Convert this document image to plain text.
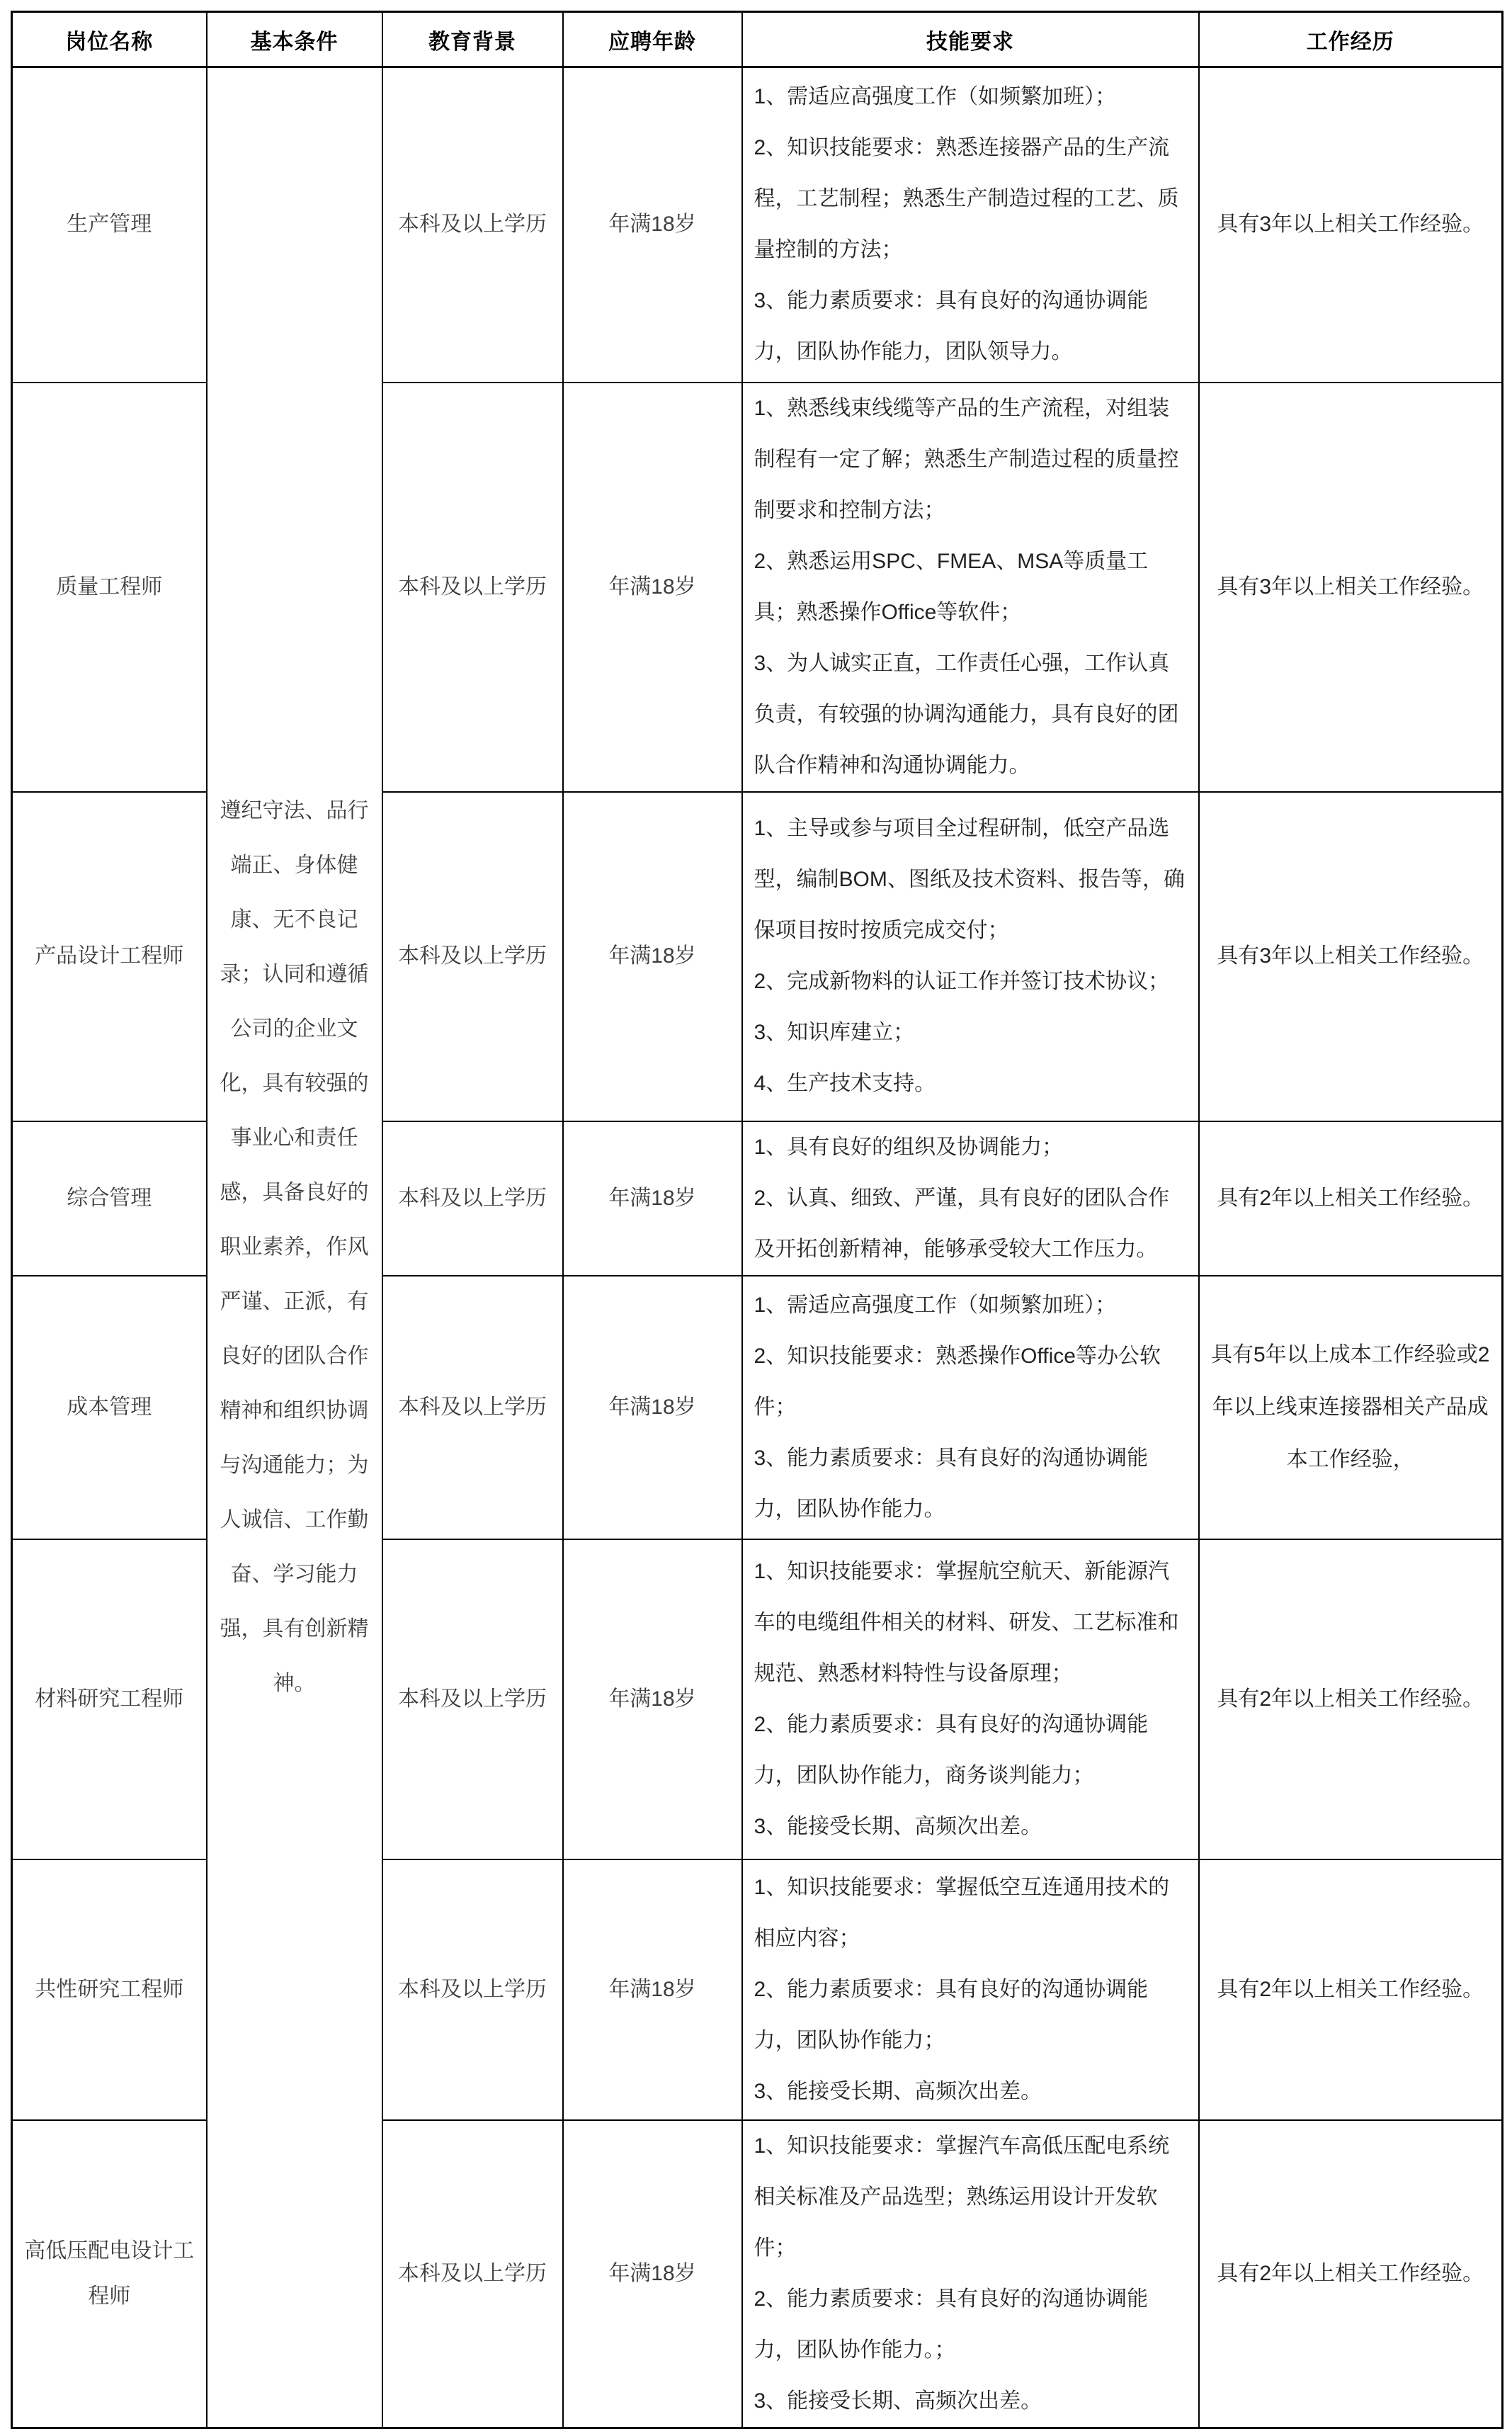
岗位名称	基本条件	教育背景	应聘年龄	技能要求	工作经历
生产管理	遵纪守法、品行端正、身体健康、无不良记录；认同和遵循公司的企业文化，具有较强的事业心和责任感，具备良好的职业素养，作风严谨、正派，有良好的团队合作精神和组织协调与沟通能力；为人诚信、工作勤奋、学习能力强，具有创新精神。	本科及以上学历	年满18岁	1、需适应高强度工作（如频繁加班）；
2、知识技能要求：熟悉连接器产品的生产流程，工艺制程；熟悉生产制造过程的工艺、质量控制的方法；
3、能力素质要求：具有良好的沟通协调能力，团队协作能力，团队领导力。	具有3年以上相关工作经验。
质量工程师		本科及以上学历	年满18岁	1、熟悉线束线缆等产品的生产流程，对组装制程有一定了解；熟悉生产制造过程的质量控制要求和控制方法；
2、熟悉运用SPC、FMEA、MSA等质量工具；熟悉操作Office等软件；
3、为人诚实正直，工作责任心强，工作认真负责，有较强的协调沟通能力，具有良好的团队合作精神和沟通协调能力。	具有3年以上相关工作经验。
产品设计工程师		本科及以上学历	年满18岁	1、主导或参与项目全过程研制，低空产品选型，编制BOM、图纸及技术资料、报告等，确保项目按时按质完成交付；
2、完成新物料的认证工作并签订技术协议；
3、知识库建立；
4、生产技术支持。	具有3年以上相关工作经验。
综合管理		本科及以上学历	年满18岁	1、具有良好的组织及协调能力；
2、认真、细致、严谨，具有良好的团队合作及开拓创新精神，能够承受较大工作压力。	具有2年以上相关工作经验。
成本管理		本科及以上学历	年满18岁	1、需适应高强度工作（如频繁加班）；
2、知识技能要求：熟悉操作Office等办公软件；
3、能力素质要求：具有良好的沟通协调能力，团队协作能力。	具有5年以上成本工作经验或2年以上线束连接器相关产品成本工作经验，
材料研究工程师		本科及以上学历	年满18岁	1、知识技能要求：掌握航空航天、新能源汽车的电缆组件相关的材料、研发、工艺标准和规范、熟悉材料特性与设备原理；
2、能力素质要求：具有良好的沟通协调能力，团队协作能力，商务谈判能力；
3、能接受长期、高频次出差。	具有2年以上相关工作经验。
共性研究工程师		本科及以上学历	年满18岁	1、知识技能要求：掌握低空互连通用技术的相应内容；
2、能力素质要求：具有良好的沟通协调能力，团队协作能力；
3、能接受长期、高频次出差。	具有2年以上相关工作经验。
高低压配电设计工程师		本科及以上学历	年满18岁	1、知识技能要求：掌握汽车高低压配电系统相关标准及产品选型；熟练运用设计开发软件；
2、能力素质要求：具有良好的沟通协调能力，团队协作能力。；
3、能接受长期、高频次出差。	具有2年以上相关工作经验。
